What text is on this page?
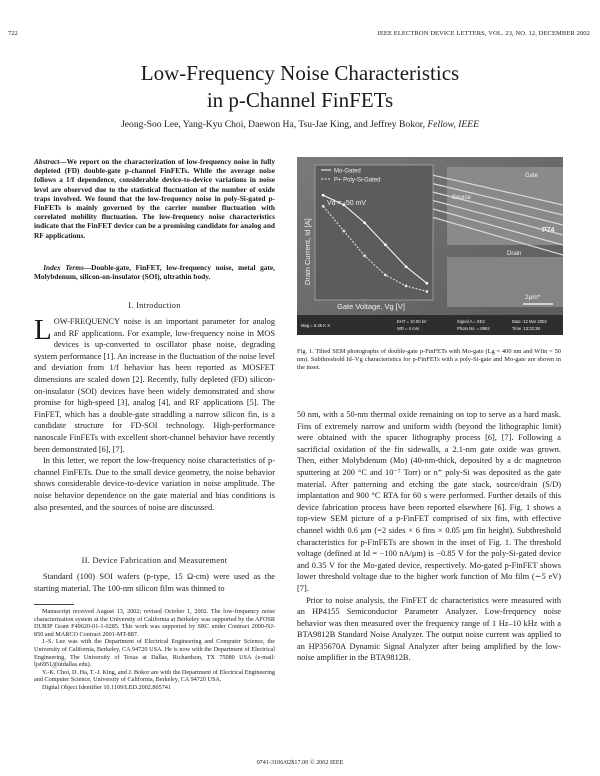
722	IEEE ELECTRON DEVICE LETTERS, VOL. 23, NO. 12, DECEMBER 2002
Low-Frequency Noise Characteristics
in p-Channel FinFETs
Jeong-Soo Lee, Yang-Kyu Choi, Daewon Ha, Tsu-Jae King, and Jeffrey Bokor, Fellow, IEEE
Abstract—We report on the characterization of low-frequency noise in fully depleted (FD) double-gate p-channel FinFETs. While the average noise follows a 1/f dependence, considerable device-to-device variations in noise level are observed due to the statistical fluctuation of the number of oxide traps involved. We found that the low-frequency noise in poly-Si-gated p-FinFETs is mainly governed by the carrier number fluctuation with correlated mobility fluctuation. The low-frequency noise characteristics indicate that the FinFET device can be a promising candidate for analog and RF applications.
Index Terms—Double-gate, FinFET, low-frequency noise, metal gate, Molybdenum, silicon-on-insulator (SOI), ultrathin body.
I. Introduction

LOW-FREQUENCY noise is an important parameter for analog and RF applications. For example, low-frequency noise in MOS devices is up-converted to oscillator phase noise, degrading system performance [1]. An increase in the fluctuation of the noise level and deviation from 1/f behavior has been reported as MOSFET dimensions are scaled down [2]. Recently, fully depleted (FD) silicon-on-insulator (SOI) devices have been widely demonstrated and show promise for high-speed [3], analog [4], and RF applications [5]. The FinFET, which has a double-gate straddling a narrow silicon fin, is a candidate structure for FD-SOI technology. High-performance nanoscale FinFETs with excellent short-channel behavior have recently been demonstrated [6], [7].

In this letter, we report the low-frequency noise characteristics of p-channel FinFETs. Due to the small device geometry, the noise behavior shows considerable device-to-device variation in noise amplitude. The noise behavior dependence on the gate material and bias conditions is also presented, and the sources of noise are discussed.

II. Device Fabrication and Measurement

Standard (100) SOI wafers (p-type, 15 Ω-cm) were used as the starting material. The 100-nm silicon film was thinned to

Manuscript received August 13, 2002; revised October 1, 2002. The low-frequency noise characterization system at the University of California at Berkeley was supported by the AFOSR DURIP Grant F49620-01-1-0285. This work was supported by SRC under Contract 2000-NJ-850 and MARCO Contract 2001-MT-887.

J.-S. Lee was with the Department of Electrical Engineering and Computer Science, the University of California, Berkeley, CA 94720 USA. He is now with the Department of Electrical Engineering, The University of Texas at Dallas, Richardson, TX 75080 USA (e-mail: ljs6951@utdallas.edu).

Y.-K. Choi, D. Ha, T.-J. King, and J. Bokor are with the Department of Electrical Engineering and Computer Science, University of California, Berkeley, CA 94720 USA.

Digital Object Identifier 10.1109/LED.2002.805741

Mo-Gated
P+ Poly-Si-Gated
Vd = -50 mV
Drain Current, Id [A]
Gate Voltage, Vg [V]
Source
Gate
Drain
P74
2μm*
Mag = 6.36 K X
EHT = 10.00 kV
WD = 4 mm
Signal A = SE2
Photo No. = 8962
Date :12 Mar 2002
Time :13:22:38
Fig. 1. Tilted SEM photographs of double-gate p-FinFETs with Mo-gate (Lg = 400 nm and Wfin = 50 nm). Subthreshold Id–Vg characteristics for p-FinFETs with a poly-Si-gate and Mo-gate are shown in the inset.

50 nm, with a 50-nm thermal oxide remaining on top to serve as a hard mask. Fins of extremely narrow and uniform width (beyond the lithographic limit) were obtained with the spacer lithography process [6], [7]. Following a sacrificial oxidation of the fin sidewalls, a 2.1-nm gate oxide was grown. Then, either Molybdenum (Mo) (40-nm-thick, deposited by a dc magnetron sputtering at 200 °C and 10⁻⁷ Torr) or n⁺ poly-Si was deposited as the gate material. After patterning and etching the gate stack, source/drain (S/D) implantation and 900 °C RTA for 60 s were performed. Further details of this device fabrication process have been reported elsewhere [6]. Fig. 1 shows a top-view SEM picture of a p-FinFET comprised of six fins, with effective channel width 0.6 μm (=2 sides × 6 fins × 0.05 μm fin height). Subthreshold characteristics for p-FinFETs are shown in the inset of Fig. 1. The threshold voltage (defined at Id = −100 nA/μm) is −0.85 V for the poly-Si-gated device and 0.35 V for the Mo-gated device, respectively. Mo-gated p-FinFET shows lower threshold voltage due to the higher work function of Mo film (∼5 eV) [7].

Prior to noise analysis, the FinFET dc characteristics were measured with an HP4155 Semiconductor Parameter Analyzer. Low-frequency noise behavior was then measured over the frequency range of 1 Hz–10 kHz with a BTA9812B Standard Noise Analyzer. The output noise current was applied to an HP35670A Dynamic Signal Analyzer after being amplified by the low-noise amplifier in the BTA9812B.

0741-3106/02$17.00 © 2002 IEEE
